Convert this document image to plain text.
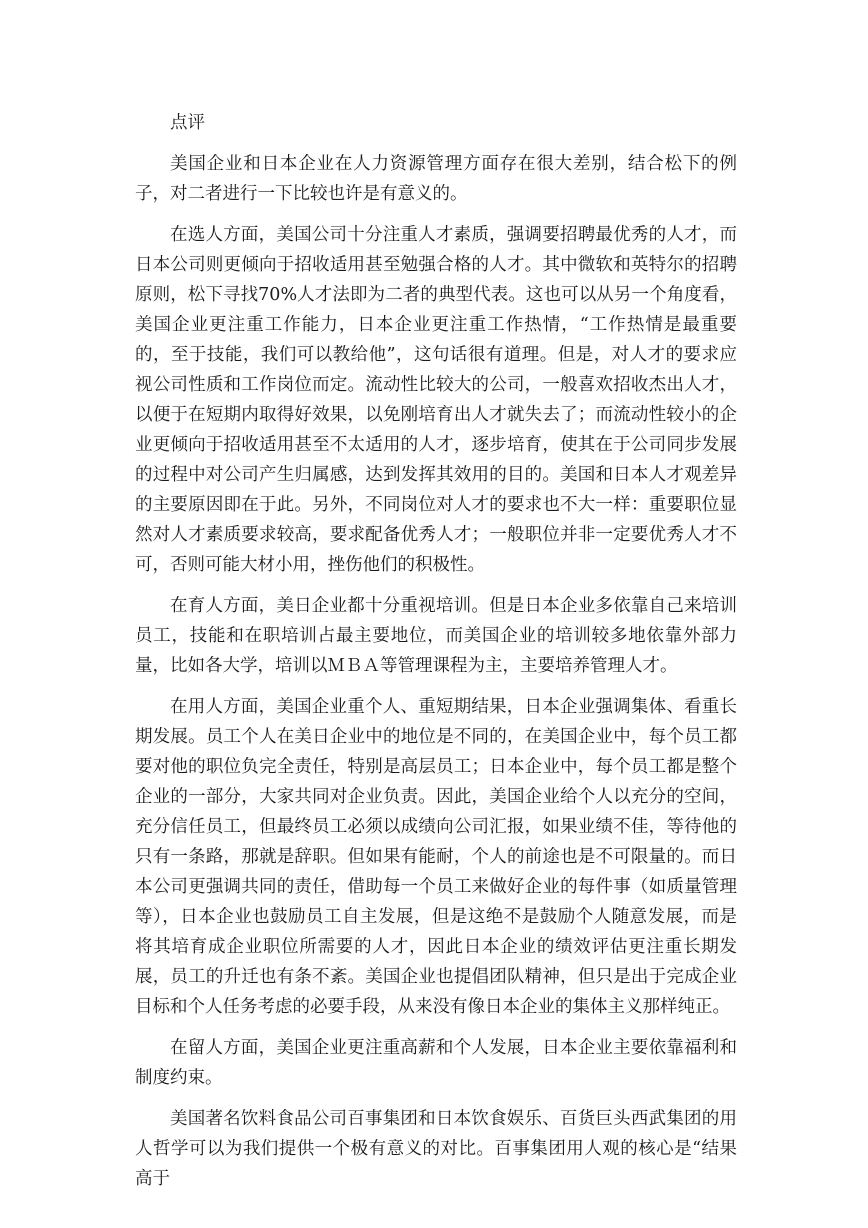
点评

美国企业和日本企业在人力资源管理方面存在很大差别，结合松下的例子，对二者进行一下比较也许是有意义的。

在选人方面，美国公司十分注重人才素质，强调要招聘最优秀的人才，而日本公司则更倾向于招收适用甚至勉强合格的人才。其中微软和英特尔的招聘原则，松下寻找70%人才法即为二者的典型代表。这也可以从另一个角度看，美国企业更注重工作能力，日本企业更注重工作热情，“工作热情是最重要的，至于技能，我们可以教给他”，这句话很有道理。但是，对人才的要求应视公司性质和工作岗位而定。流动性比较大的公司，一般喜欢招收杰出人才，以便于在短期内取得好效果，以免刚培育出人才就失去了；而流动性较小的企业更倾向于招收适用甚至不太适用的人才，逐步培育，使其在于公司同步发展的过程中对公司产生归属感，达到发挥其效用的目的。美国和日本人才观差异的主要原因即在于此。另外，不同岗位对人才的要求也不大一样：重要职位显然对人才素质要求较高，要求配备优秀人才；一般职位并非一定要优秀人才不可，否则可能大材小用，挫伤他们的积极性。

在育人方面，美日企业都十分重视培训。但是日本企业多依靠自己来培训员工，技能和在职培训占最主要地位，而美国企业的培训较多地依靠外部力量，比如各大学，培训以ＭＢＡ等管理课程为主，主要培养管理人才。

在用人方面，美国企业重个人、重短期结果，日本企业强调集体、看重长期发展。员工个人在美日企业中的地位是不同的，在美国企业中，每个员工都要对他的职位负完全责任，特别是高层员工；日本企业中，每个员工都是整个企业的一部分，大家共同对企业负责。因此，美国企业给个人以充分的空间，充分信任员工，但最终员工必须以成绩向公司汇报，如果业绩不佳，等待他的只有一条路，那就是辞职。但如果有能耐，个人的前途也是不可限量的。而日本公司更强调共同的责任，借助每一个员工来做好企业的每件事（如质量管理等），日本企业也鼓励员工自主发展，但是这绝不是鼓励个人随意发展，而是将其培育成企业职位所需要的人才，因此日本企业的绩效评估更注重长期发展，员工的升迁也有条不紊。美国企业也提倡团队精神，但只是出于完成企业目标和个人任务考虑的必要手段，从来没有像日本企业的集体主义那样纯正。

在留人方面，美国企业更注重高薪和个人发展，日本企业主要依靠福利和制度约束。

美国著名饮料食品公司百事集团和日本饮食娱乐、百货巨头西武集团的用人哲学可以为我们提供一个极有意义的对比。百事集团用人观的核心是“结果高于
